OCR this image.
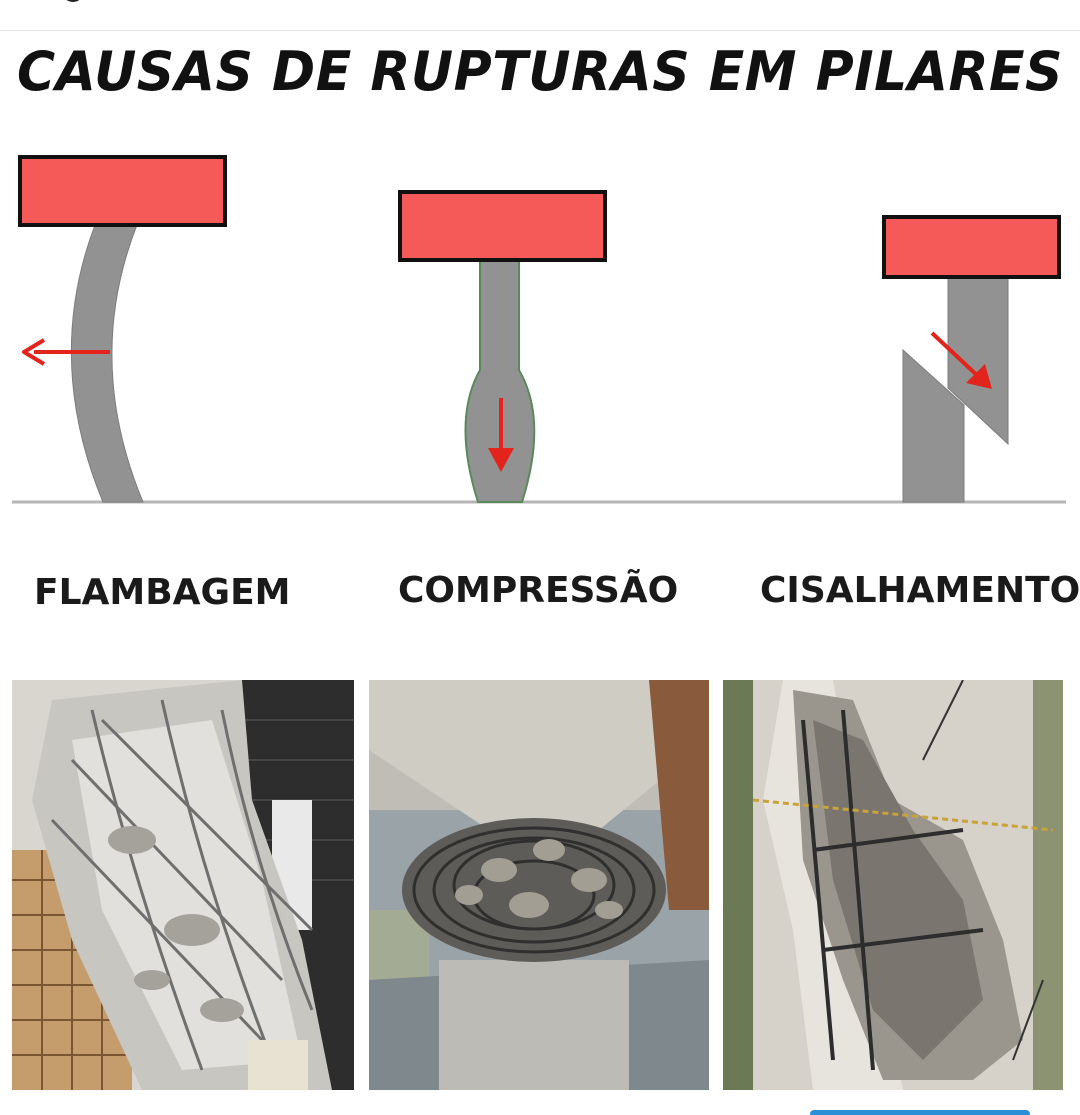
CAUSAS DE RUPTURAS EM PILARES
FLAMBAGEM	COMPRESSÃO CISALHAMENTO
